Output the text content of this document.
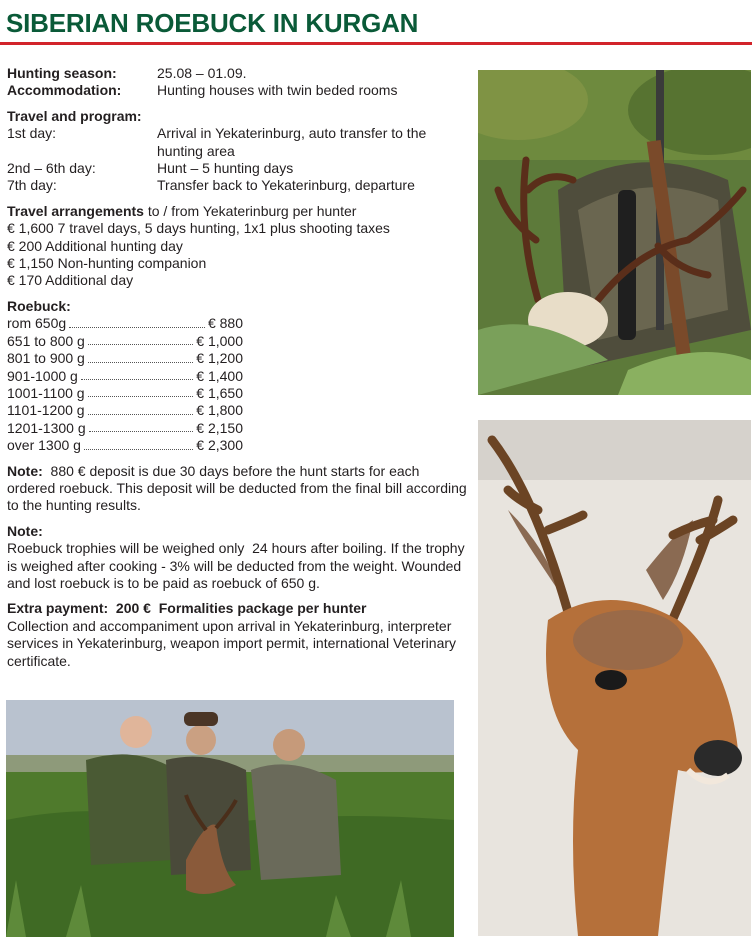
SIBERIAN ROEBUCK IN KURGAN
Hunting season:	25.08 – 01.09.
Accommodation:	Hunting houses with twin beded rooms

Travel and program:

1st day:	Arrival in Yekaterinburg, auto transfer to the hunting area
2nd – 6th day:	Hunt – 5 hunting days
7th day:	Transfer back to Yekaterinburg, departure

Travel arrangements to / from Yekaterinburg per hunter

€ 1,600 7 travel days, 5 days hunting, 1x1 plus shooting taxes

€ 200 Additional hunting day

€ 1,150 Non-hunting companion

€ 170 Additional day

Roebuck:

rom 650g	€ 880
651 to 800 g	€ 1,000
801 to 900 g	€ 1,200
901-1000 g	€ 1,400
1001-1100 g	€ 1,650
1101-1200 g	€ 1,800
1201-1300 g	€ 2,150
over 1300 g	€ 2,300

Note:  880 € deposit is due 30 days before the hunt starts for each ordered roebuck. This deposit will be deducted from the final bill according to the hunting results.

Note:

Roebuck trophies will be weighed only  24 hours after boiling. If the trophy is weighed after cooking - 3% will be deducted from the weight. Wounded and lost roebuck is to be paid as roebuck of 650 g.

Extra payment:  200 €  Formalities package per hunter

Collection and accompaniment upon arrival in Yekaterinburg, interpreter services in Yekaterinburg, weapon import permit, international Veterinary certificate.
